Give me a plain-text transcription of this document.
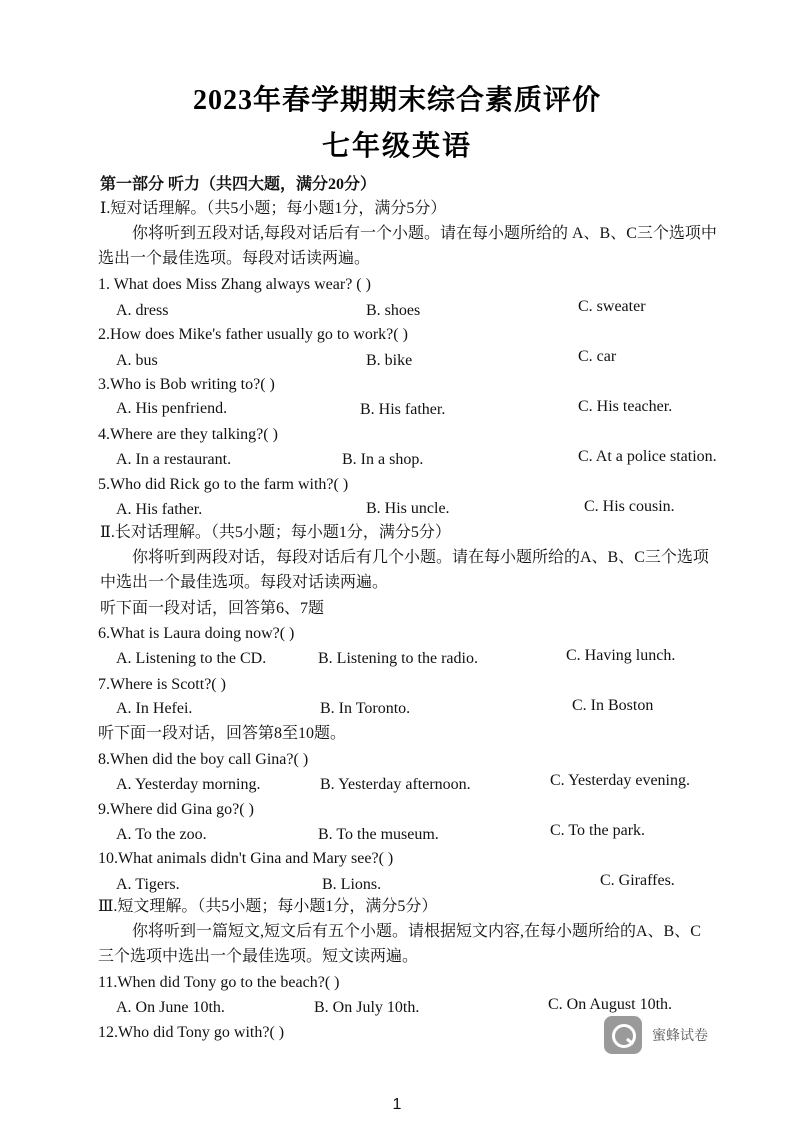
2023年春学期期末综合素质评价
七年级英语
第一部分 听力（共四大题，满分20分）
Ⅰ.短对话理解。（共5小题；每小题1分，满分5分）
你将听到五段对话,每段对话后有一个小题。请在每小题所给的 A、B、C三个选项中
选出一个最佳选项。每段对话读两遍。
1. What does Miss Zhang always wear? ( )
A. dress	B. shoes	C. sweater
2.How does Mike's father usually go to work?( )
A. bus	B. bike	C. car
3.Who is Bob writing to?( )
A. His penfriend.	B. His father.	C. His teacher.
4.Where are they talking?( )
A. In a restaurant.	B. In a shop.	C. At a police station.
5.Who did Rick go to the farm with?( )
A. His father.	B. His uncle.	C. His cousin.
Ⅱ.长对话理解。（共5小题；每小题1分，满分5分）
你将听到两段对话，每段对话后有几个小题。请在每小题所给的A、B、C三个选项
中选出一个最佳选项。每段对话读两遍。
听下面一段对话，回答第6、7题
6.What is Laura doing now?( )
A. Listening to the CD.	B. Listening to the radio.	C. Having lunch.
7.Where is Scott?( )
A. In Hefei.	B. In Toronto.	C. In Boston
听下面一段对话，回答第8至10题。
8.When did the boy call Gina?( )
A. Yesterday morning.	B. Yesterday afternoon.	C. Yesterday evening.
9.Where did Gina go?( )
A. To the zoo.	B. To the museum.	C. To the park.
10.What animals didn't Gina and Mary see?( )
A. Tigers.	B. Lions.	C. Giraffes.
Ⅲ.短文理解。（共5小题；每小题1分，满分5分）
你将听到一篇短文,短文后有五个小题。请根据短文内容,在每小题所给的A、B、C
三个选项中选出一个最佳选项。短文读两遍。
11.When did Tony go to the beach?( )
A. On June 10th.	B. On July 10th.	C. On August 10th.
12.Who did Tony go with?( )	蜜蜂试卷
1
